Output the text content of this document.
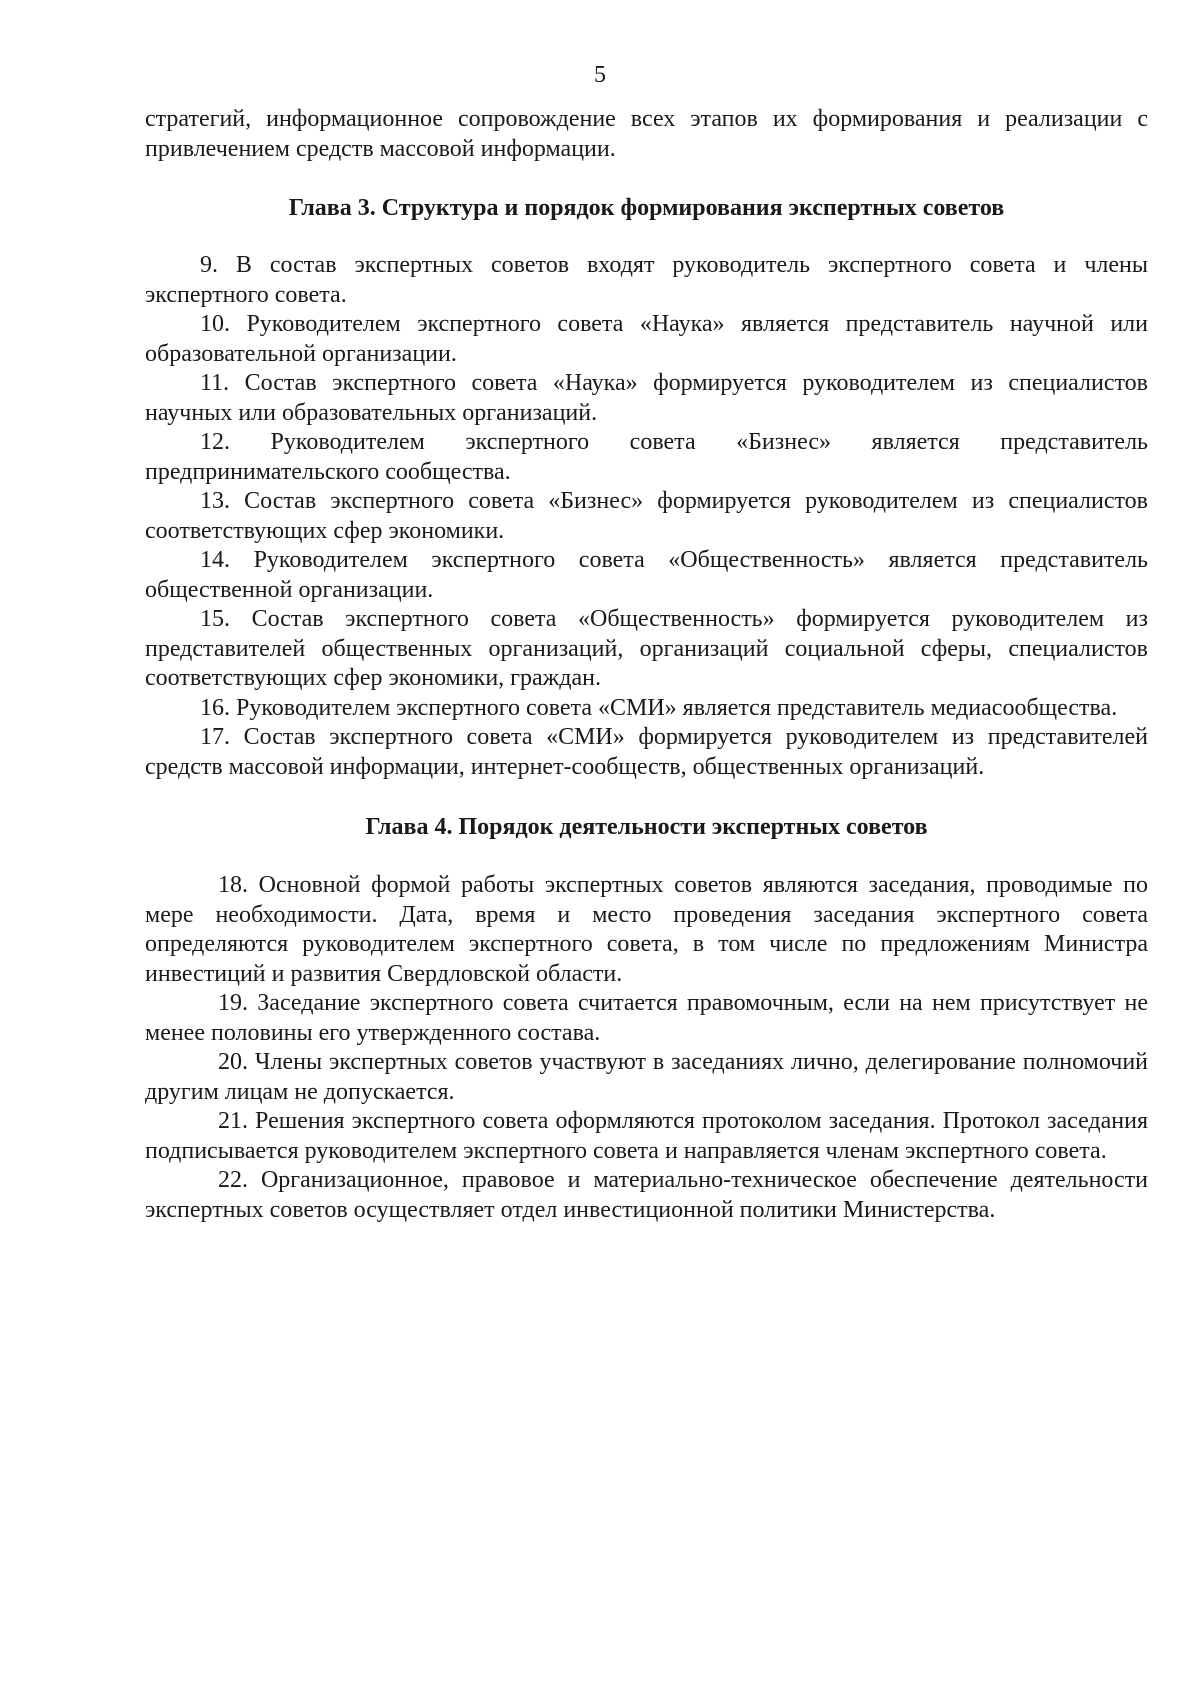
5

стратегий, информационное сопровождение всех этапов их формирования и реализации с привлечением средств массовой информации.

Глава 3. Структура и порядок формирования экспертных советов

9. В состав экспертных советов входят руководитель экспертного совета и члены экспертного совета.

10. Руководителем экспертного совета «Наука» является представитель научной или образовательной организации.

11. Состав экспертного совета «Наука» формируется руководителем из специалистов научных или образовательных организаций.

12. Руководителем экспертного совета «Бизнес» является представитель предпринимательского сообщества.

13. Состав экспертного совета «Бизнес» формируется руководителем из специалистов соответствующих сфер экономики.

14. Руководителем экспертного совета «Общественность» является представитель общественной организации.

15. Состав экспертного совета «Общественность» формируется руководителем из представителей общественных организаций, организаций социальной сферы, специалистов соответствующих сфер экономики, граждан.

16. Руководителем экспертного совета «СМИ» является представитель медиасообщества.

17. Состав экспертного совета «СМИ» формируется руководителем из представителей средств массовой информации, интернет-сообществ, общественных организаций.

Глава 4. Порядок деятельности экспертных советов

18. Основной формой работы экспертных советов являются заседания, проводимые по мере необходимости. Дата, время и место проведения заседания экспертного совета определяются руководителем экспертного совета, в том числе по предложениям Министра инвестиций и развития Свердловской области.

19. Заседание экспертного совета считается правомочным, если на нем присутствует не менее половины его утвержденного состава.

20. Члены экспертных советов участвуют в заседаниях лично, делегирование полномочий другим лицам не допускается.

21. Решения экспертного совета оформляются протоколом заседания. Протокол заседания подписывается руководителем экспертного совета и направляется членам экспертного совета.

22. Организационное, правовое и материально-техническое обеспечение деятельности экспертных советов осуществляет отдел инвестиционной политики Министерства.
